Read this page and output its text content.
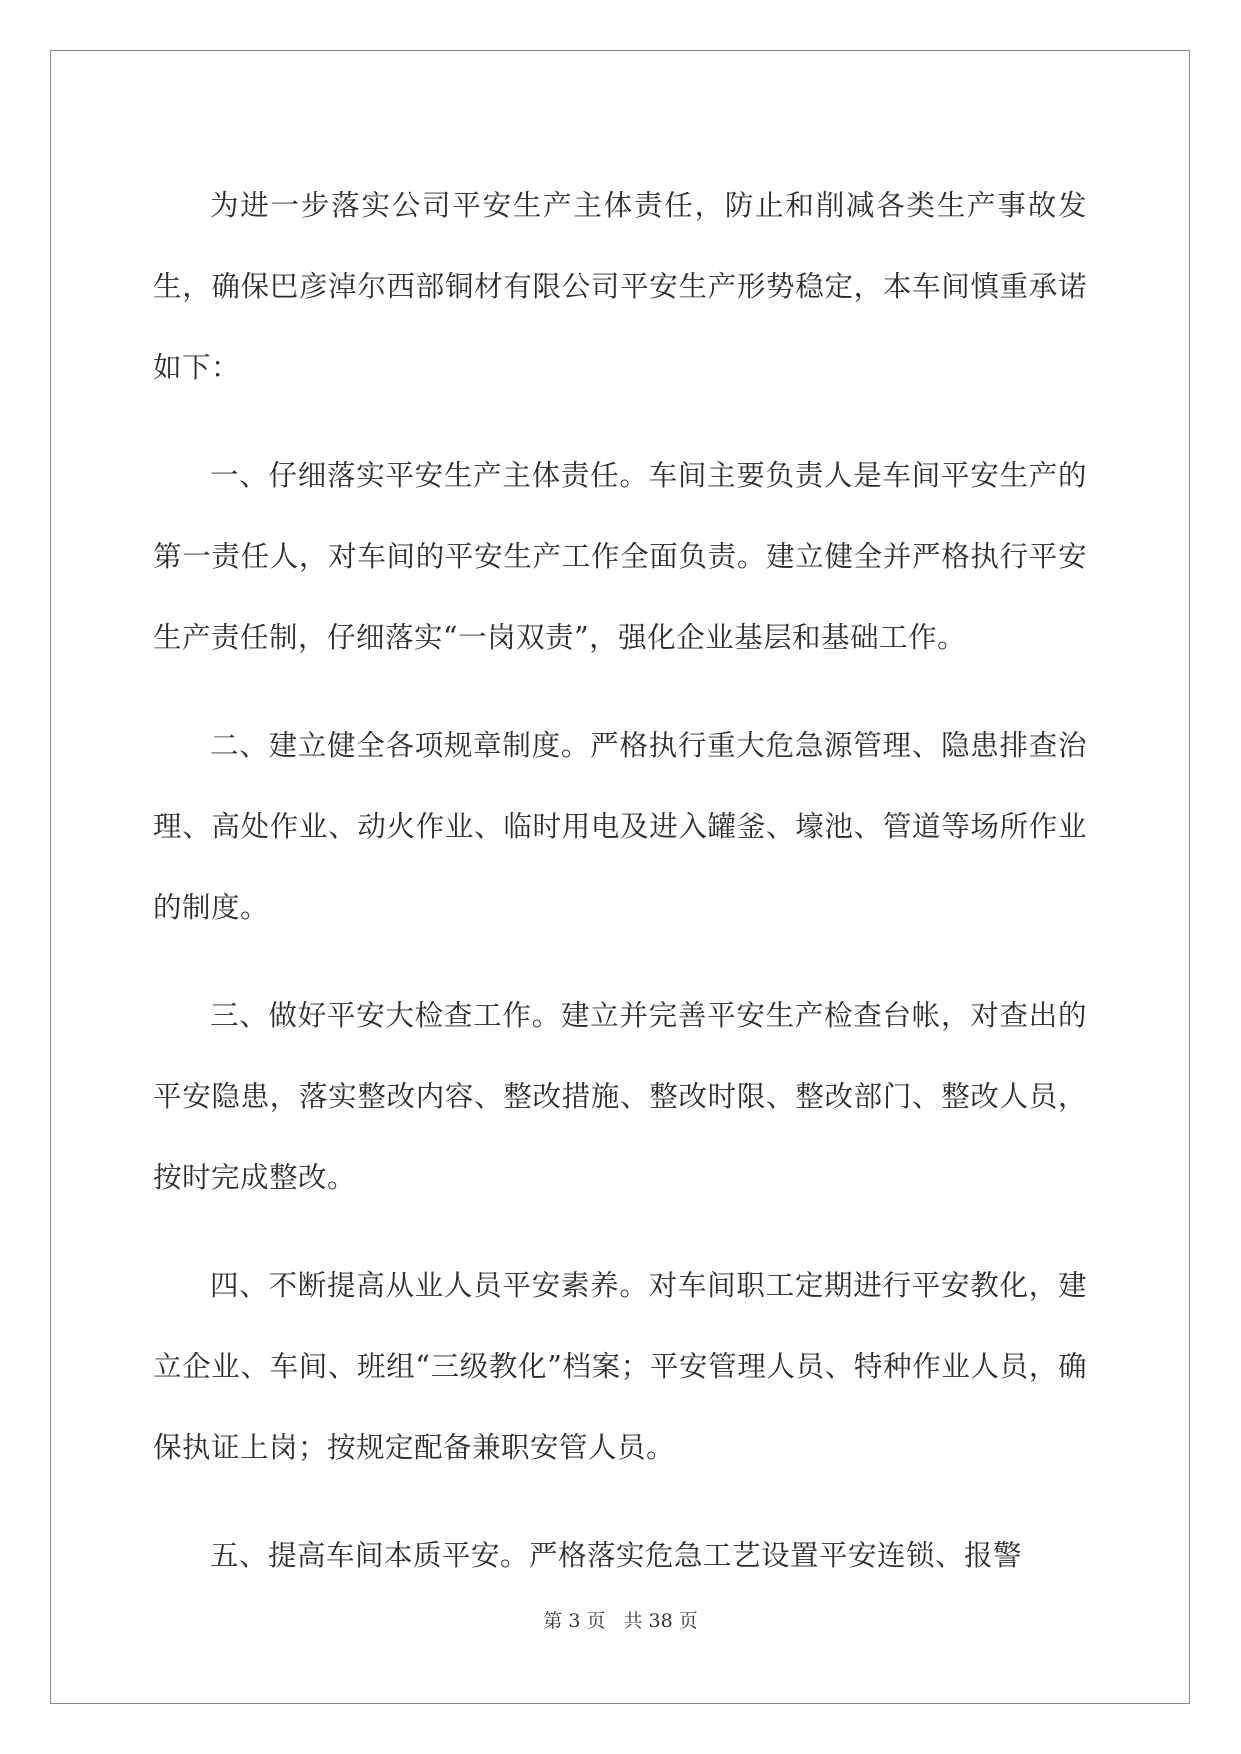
为进一步落实公司平安生产主体责任，防止和削减各类生产事故发生，确保巴彦淖尔西部铜材有限公司平安生产形势稳定，本车间慎重承诺如下：

一、仔细落实平安生产主体责任。车间主要负责人是车间平安生产的第一责任人，对车间的平安生产工作全面负责。建立健全并严格执行平安生产责任制，仔细落实“一岗双责”，强化企业基层和基础工作。

二、建立健全各项规章制度。严格执行重大危急源管理、隐患排查治理、高处作业、动火作业、临时用电及进入罐釜、壕池、管道等场所作业的制度。

三、做好平安大检查工作。建立并完善平安生产检查台帐，对查出的平安隐患，落实整改内容、整改措施、整改时限、整改部门、整改人员，按时完成整改。

四、不断提高从业人员平安素养。对车间职工定期进行平安教化，建立企业、车间、班组“三级教化”档案；平安管理人员、特种作业人员，确保执证上岗；按规定配备兼职安管人员。

五、提高车间本质平安。严格落实危急工艺设置平安连锁、报警

第 3 页 共 38 页
